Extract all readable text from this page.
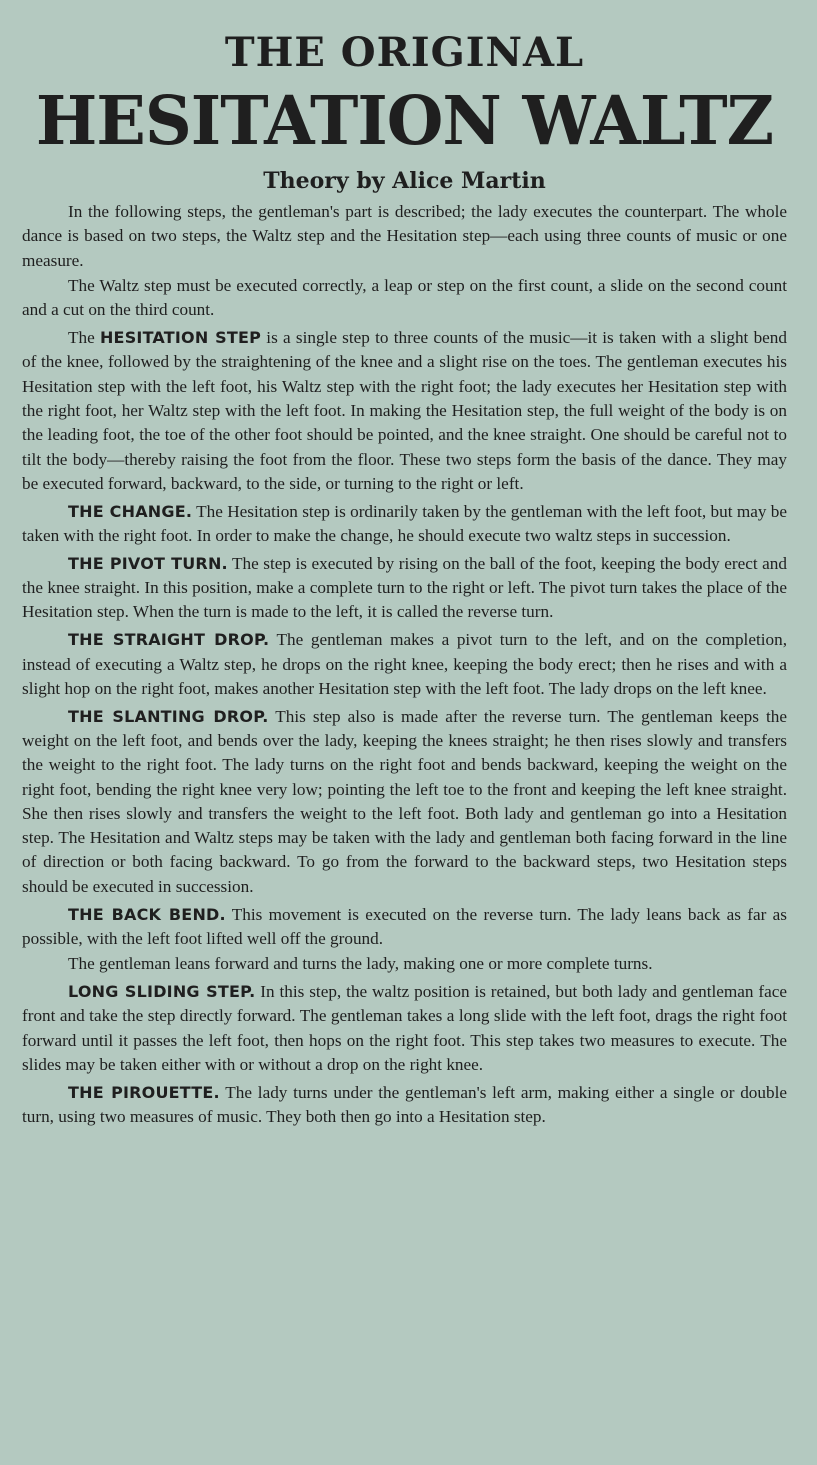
THE ORIGINAL
HESITATION WALTZ
Theory by Alice Martin

In the following steps, the gentleman's part is described; the lady executes the counterpart. The whole dance is based on two steps, the Waltz step and the Hesitation step—each using three counts of music or one measure.

The Waltz step must be executed correctly, a leap or step on the first count, a slide on the second count and a cut on the third count.

The HESITATION STEP is a single step to three counts of the music—it is taken with a slight bend of the knee, followed by the straightening of the knee and a slight rise on the toes. The gentleman executes his Hesitation step with the left foot, his Waltz step with the right foot; the lady executes her Hesitation step with the right foot, her Waltz step with the left foot. In making the Hesitation step, the full weight of the body is on the leading foot, the toe of the other foot should be pointed, and the knee straight. One should be careful not to tilt the body—thereby raising the foot from the floor. These two steps form the basis of the dance. They may be executed forward, backward, to the side, or turning to the right or left.

THE CHANGE. The Hesitation step is ordinarily taken by the gentleman with the left foot, but may be taken with the right foot. In order to make the change, he should execute two waltz steps in succession.

THE PIVOT TURN. The step is executed by rising on the ball of the foot, keeping the body erect and the knee straight. In this position, make a complete turn to the right or left. The pivot turn takes the place of the Hesitation step. When the turn is made to the left, it is called the reverse turn.

THE STRAIGHT DROP. The gentleman makes a pivot turn to the left, and on the completion, instead of executing a Waltz step, he drops on the right knee, keeping the body erect; then he rises and with a slight hop on the right foot, makes another Hesitation step with the left foot. The lady drops on the left knee.

THE SLANTING DROP. This step also is made after the reverse turn. The gentleman keeps the weight on the left foot, and bends over the lady, keeping the knees straight; he then rises slowly and transfers the weight to the right foot. The lady turns on the right foot and bends backward, keeping the weight on the right foot, bending the right knee very low; pointing the left toe to the front and keeping the left knee straight. She then rises slowly and transfers the weight to the left foot. Both lady and gentleman go into a Hesitation step. The Hesitation and Waltz steps may be taken with the lady and gentleman both facing forward in the line of direction or both facing backward. To go from the forward to the backward steps, two Hesitation steps should be executed in succession.

THE BACK BEND. This movement is executed on the reverse turn. The lady leans back as far as possible, with the left foot lifted well off the ground.

The gentleman leans forward and turns the lady, making one or more complete turns.

LONG SLIDING STEP. In this step, the waltz position is retained, but both lady and gentleman face front and take the step directly forward. The gentleman takes a long slide with the left foot, drags the right foot forward until it passes the left foot, then hops on the right foot. This step takes two measures to execute. The slides may be taken either with or without a drop on the right knee.

THE PIROUETTE. The lady turns under the gentleman's left arm, making either a single or double turn, using two measures of music. They both then go into a Hesitation step.
